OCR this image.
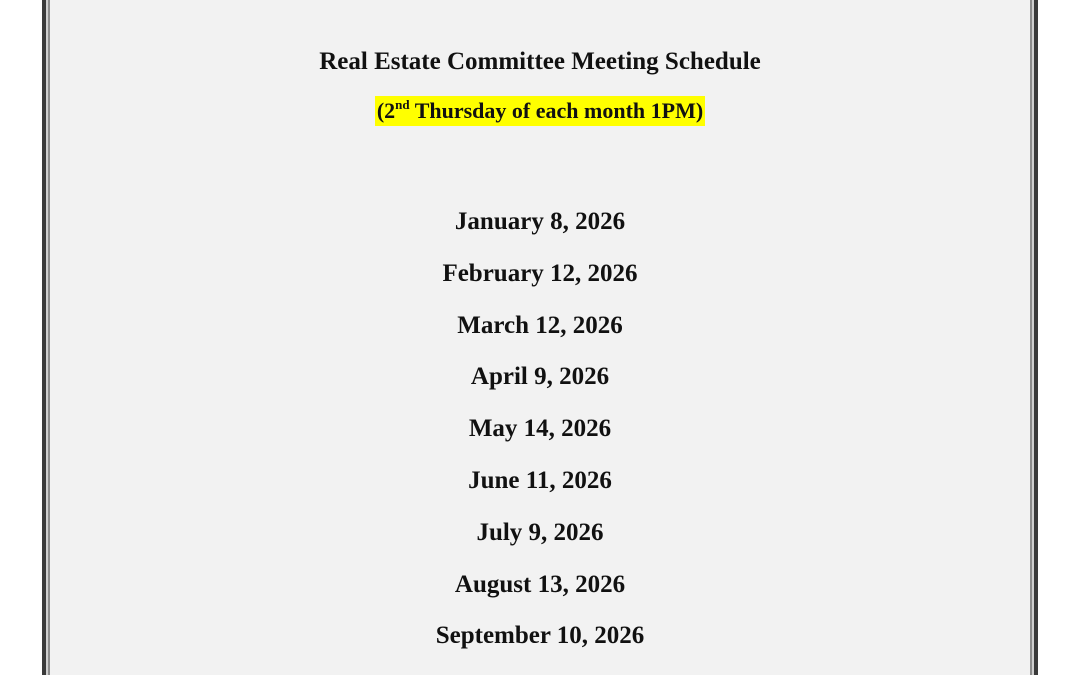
Real Estate Committee Meeting Schedule
(2nd Thursday of each month 1PM)
January 8, 2026
February 12, 2026
March 12, 2026
April 9, 2026
May 14, 2026
June 11, 2026
July 9, 2026
August 13, 2026
September 10, 2026
